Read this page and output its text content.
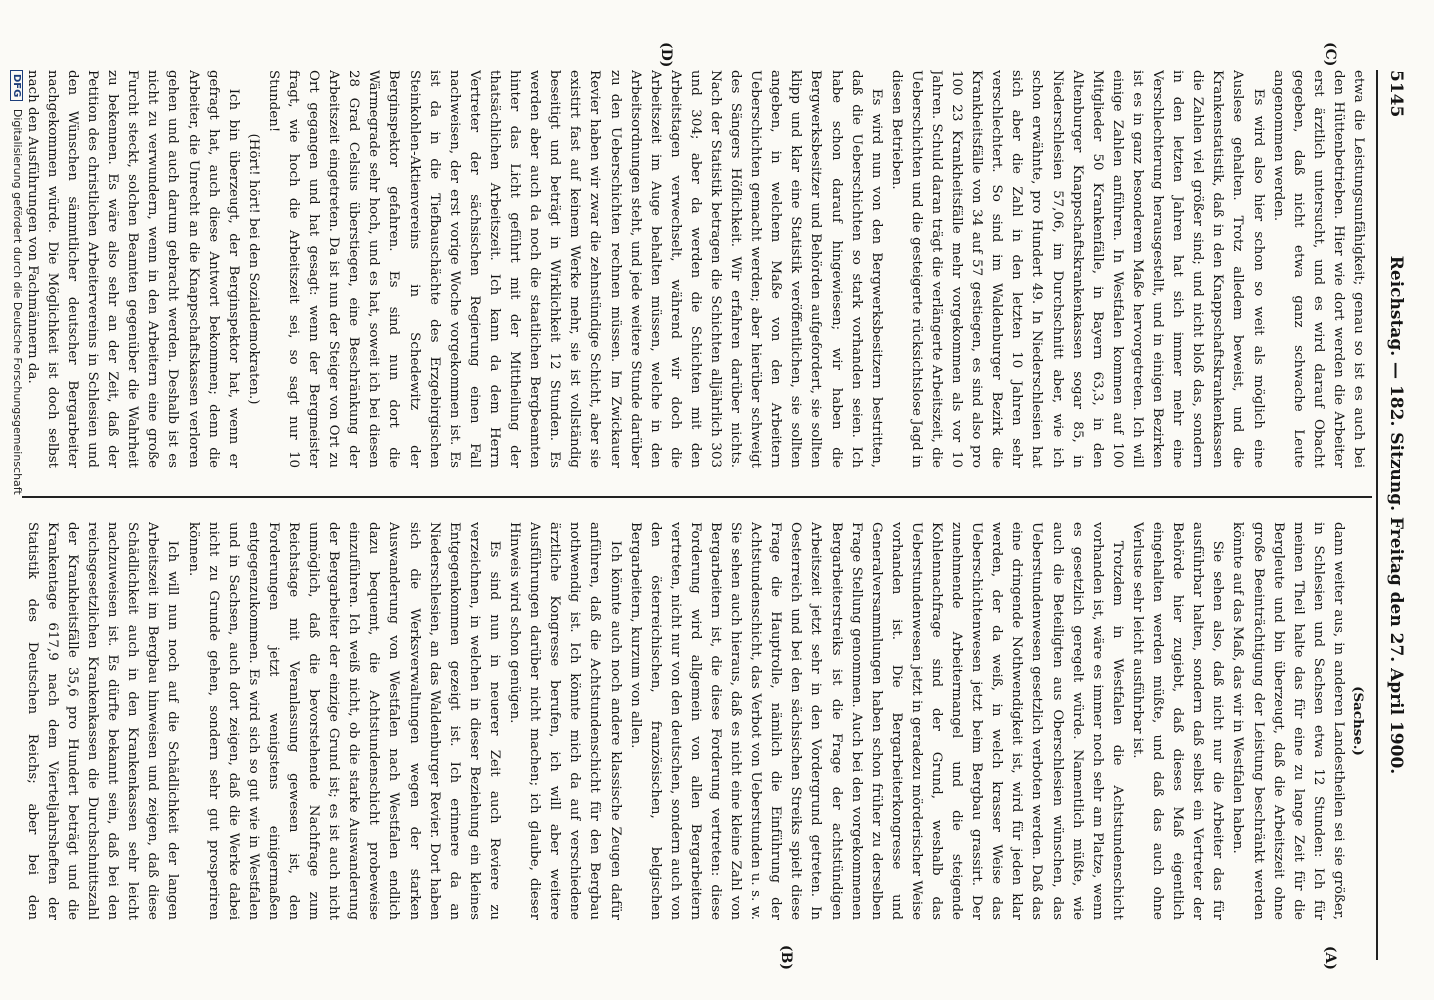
5145
Reichstag. — 182. Sitzung. Freitag den 27. April 1900.
(C)
(D)
(A)
(B)

etwa die Leistungsunfähigkeit; genau so ist es auch bei den Hüttenbetrieben. Hier wie dort werden die Arbeiter erst ärztlich untersucht, und es wird darauf Obacht gegeben, daß nicht etwa ganz schwache Leute angenommen werden.

Es wird also hier schon so weit als möglich eine Auslese gehalten. Trotz alledem beweist, und die Krankenstatistik, daß in den Knappschaftskrankenkassen die Zahlen viel größer sind; und nicht bloß das, sondern in den letzten Jahren hat sich immer mehr eine Verschlechterung herausgestellt, und in einigen Bezirken ist es in ganz besonderem Maße hervorgetreten. Ich will einige Zahlen anführen. In Westfalen kommen auf 100 Mitglieder 50 Krankenfälle, in Bayern 63,3, in den Altenburger Knappschaftskrankenkassen sogar 85, in Niederschlesien 57,06, im Durchschnitt aber, wie ich schon erwähnte, pro Hundert 49. In Niederschlesien hat sich aber die Zahl in den letzten 10 Jahren sehr verschlechtert. So sind im Waldenburger Bezirk die Krankheitsfälle von 34 auf 57 gestiegen, es sind also pro 100 23 Krankheitsfälle mehr vorgekommen als vor 10 Jahren. Schuld daran trägt die verlängerte Arbeitszeit, die Ueberschichten und die gesteigerte rücksichtslose Jagd in diesen Betrieben.

Es wird nun von den Bergwerksbesitzern bestritten, daß die Ueberschichten so stark vorhanden seien. Ich habe schon darauf hingewiesen; wir haben die Bergwerksbesitzer und Behörden aufgefordert, sie sollten klipp und klar eine Statistik veröffentlichen, sie sollten angeben, in welchem Maße von den Arbeitern Ueberschichten gemacht werden; aber hierüber schweigt des Sängers Höflichkeit. Wir erfahren darüber nichts. Nach der Statistik betragen die Schichten alljährlich 303 und 304; aber da werden die Schichten mit den Arbeitstagen verwechselt, während wir doch die Arbeitszeit im Auge behalten müssen, welche in den Arbeitsordnungen steht, und jede weitere Stunde darüber zu den Ueberschichten rechnen müssen. Im Zwickauer Revier haben wir zwar die zehnstündige Schicht, aber sie existirt fast auf keinem Werke mehr, sie ist vollständig beseitigt und beträgt in Wirklichkeit 12 Stunden. Es werden aber auch da noch die staatlichen Bergbeamten hinter das Licht geführt mit der Mittheilung der thatsächlichen Arbeitszeit. Ich kann da dem Herrn Vertreter der sächsischen Regierung einen Fall nachweisen, der erst vorige Woche vorgekommen ist. Es ist da in die Tiefbauschächte des Erzgebirgischen Steinkohlen-Aktienvereins in Schedewitz der Berginspektor gefahren. Es sind nun dort die Wärmegrade sehr hoch, und es hat, soweit ich bei diesen 28 Grad Celsius überstiegen, eine Beschränkung der Arbeitszeit eingetreten. Da ist nun der Steiger von Ort zu Ort gegangen und hat gesagt: wenn der Bergmeister fragt, wie hoch die Arbeitszeit sei, so sagt nur 10 Stunden!

(Hört! hört! bei den Sozialdemokraten.)

Ich bin überzeugt, der Berginspektor hat, wenn er gefragt hat, auch diese Antwort bekommen; denn die Arbeiter, die Unrecht an die Knappschaftskassen verloren gehen und auch darum gebracht werden. Deshalb ist es nicht zu verwundern, wenn in den Arbeitern eine große Furcht steckt, solchen Beamten gegenüber die Wahrheit zu bekennen. Es wäre also sehr an der Zeit, daß der Petition des christlichen Arbeitervereins in Schlesien und den Wünschen sämmtlicher deutscher Bergarbeiter nachgekommen würde. Die Möglichkeit ist doch selbst nach den Ausführungen von Fachmännern da.

(Sachse.)

dann weiter aus, in anderen Landestheilen sei sie größer, in Schlesien und Sachsen etwa 12 Stunden: Ich für meinen Theil halte das für eine zu lange Zeit für die Bergleute und bin überzeugt, daß die Arbeitszeit ohne große Beeinträchtigung der Leistung beschränkt werden könnte auf das Maß, das wir in Westfalen haben.

Sie sehen also, daß nicht nur die Arbeiter das für ausführbar halten, sondern daß selbst ein Vertreter der Behörde hier zugiebt, daß dieses Maß eigentlich eingehalten werden müßte, und daß das auch ohne Verluste sehr leicht ausführbar ist.

Trotzdem in Westfalen die Achtstundenschicht vorhanden ist, wäre es immer noch sehr am Platze, wenn es gesetzlich geregelt würde. Namentlich müßte, wie auch die Beteiligten aus Oberschlesien wünschen, das Ueberstundenwesen gesetzlich verboten werden. Daß das eine dringende Nothwendigkeit ist, wird für jeden klar werden, der da weiß, in welch krasser Weise das Ueberschichtenwesen jetzt beim Bergbau grassirt. Der zunehmende Arbeitermangel und die steigende Kohlennachfrage sind der Grund, weshalb das Ueberstundenwesen jetzt in geradezu mörderischer Weise vorhanden ist. Die Bergarbeiterkongresse und Generalversammlungen haben schon früher zu derselben Frage Stellung genommen. Auch bei den vorgekommenen Bergarbeiterstreiks ist die Frage der achtstündigen Arbeitszeit jetzt sehr in den Vordergrund getreten. In Oesterreich und bei den sächsischen Streiks spielt diese Frage die Hauptrolle, nämlich die Einführung der Achtstundenschicht, das Verbot von Ueberstunden u. s. w. Sie sehen auch hieraus, daß es nicht eine kleine Zahl von Bergarbeitern ist, die diese Forderung vertreten: diese Forderung wird allgemein von allen Bergarbeitern vertreten, nicht nur von den deutschen, sondern auch von den österreichischen, französischen, belgischen Bergarbeitern, kurzum von allen.

Ich könnte auch noch andere klassische Zeugen dafür anführen, daß die Achtstundenschicht für den Bergbau nothwendig ist. Ich könnte mich da auf verschiedene ärztliche Kongresse berufen, ich will aber weitere Ausführungen darüber nicht machen; ich glaube, dieser Hinweis wird schon genügen.

Es sind nun in neuerer Zeit auch Reviere zu verzeichnen, in welchen in dieser Beziehung ein kleines Entgegenkommen gezeigt ist. Ich erinnere da an Niederschlesien, an das Waldenburger Revier. Dort haben sich die Werksverwaltungen wegen der starken Auswanderung von Westfalen nach Westfalen endlich dazu bequemt, die Achtstundenschicht probeweise einzuführen. Ich weiß nicht, ob die starke Auswanderung der Bergarbeiter der einzige Grund ist; es ist auch nicht unmöglich, daß die bevorstehende Nachfrage zum Reichstage mit Veranlassung gewesen ist, den Forderungen jetzt wenigstens einigermaßen entgegenzukommen. Es wird sich so gut wie in Westfalen und in Sachsen, auch dort zeigen, daß die Werke dabei nicht zu Grunde gehen, sondern sehr gut prosperiren können.

Ich will nun noch auf die Schädlichkeit der langen Arbeitszeit im Bergbau hinweisen und zeigen, daß diese Schädlichkeit auch in den Krankenkassen sehr leicht nachzuweisen ist. Es dürfte bekannt sein, daß bei den reichsgesetzlichen Krankenkassen die Durchschnittszahl der Krankheitsfälle 35,6 pro Hundert beträgt und die Krankentage 617,9 nach dem Vierteljahrsheften der Statistik des Deutschen Reichs; aber bei den

DFG Digitalisierung gefördert durch die Deutsche Forschungsgemeinschaft
